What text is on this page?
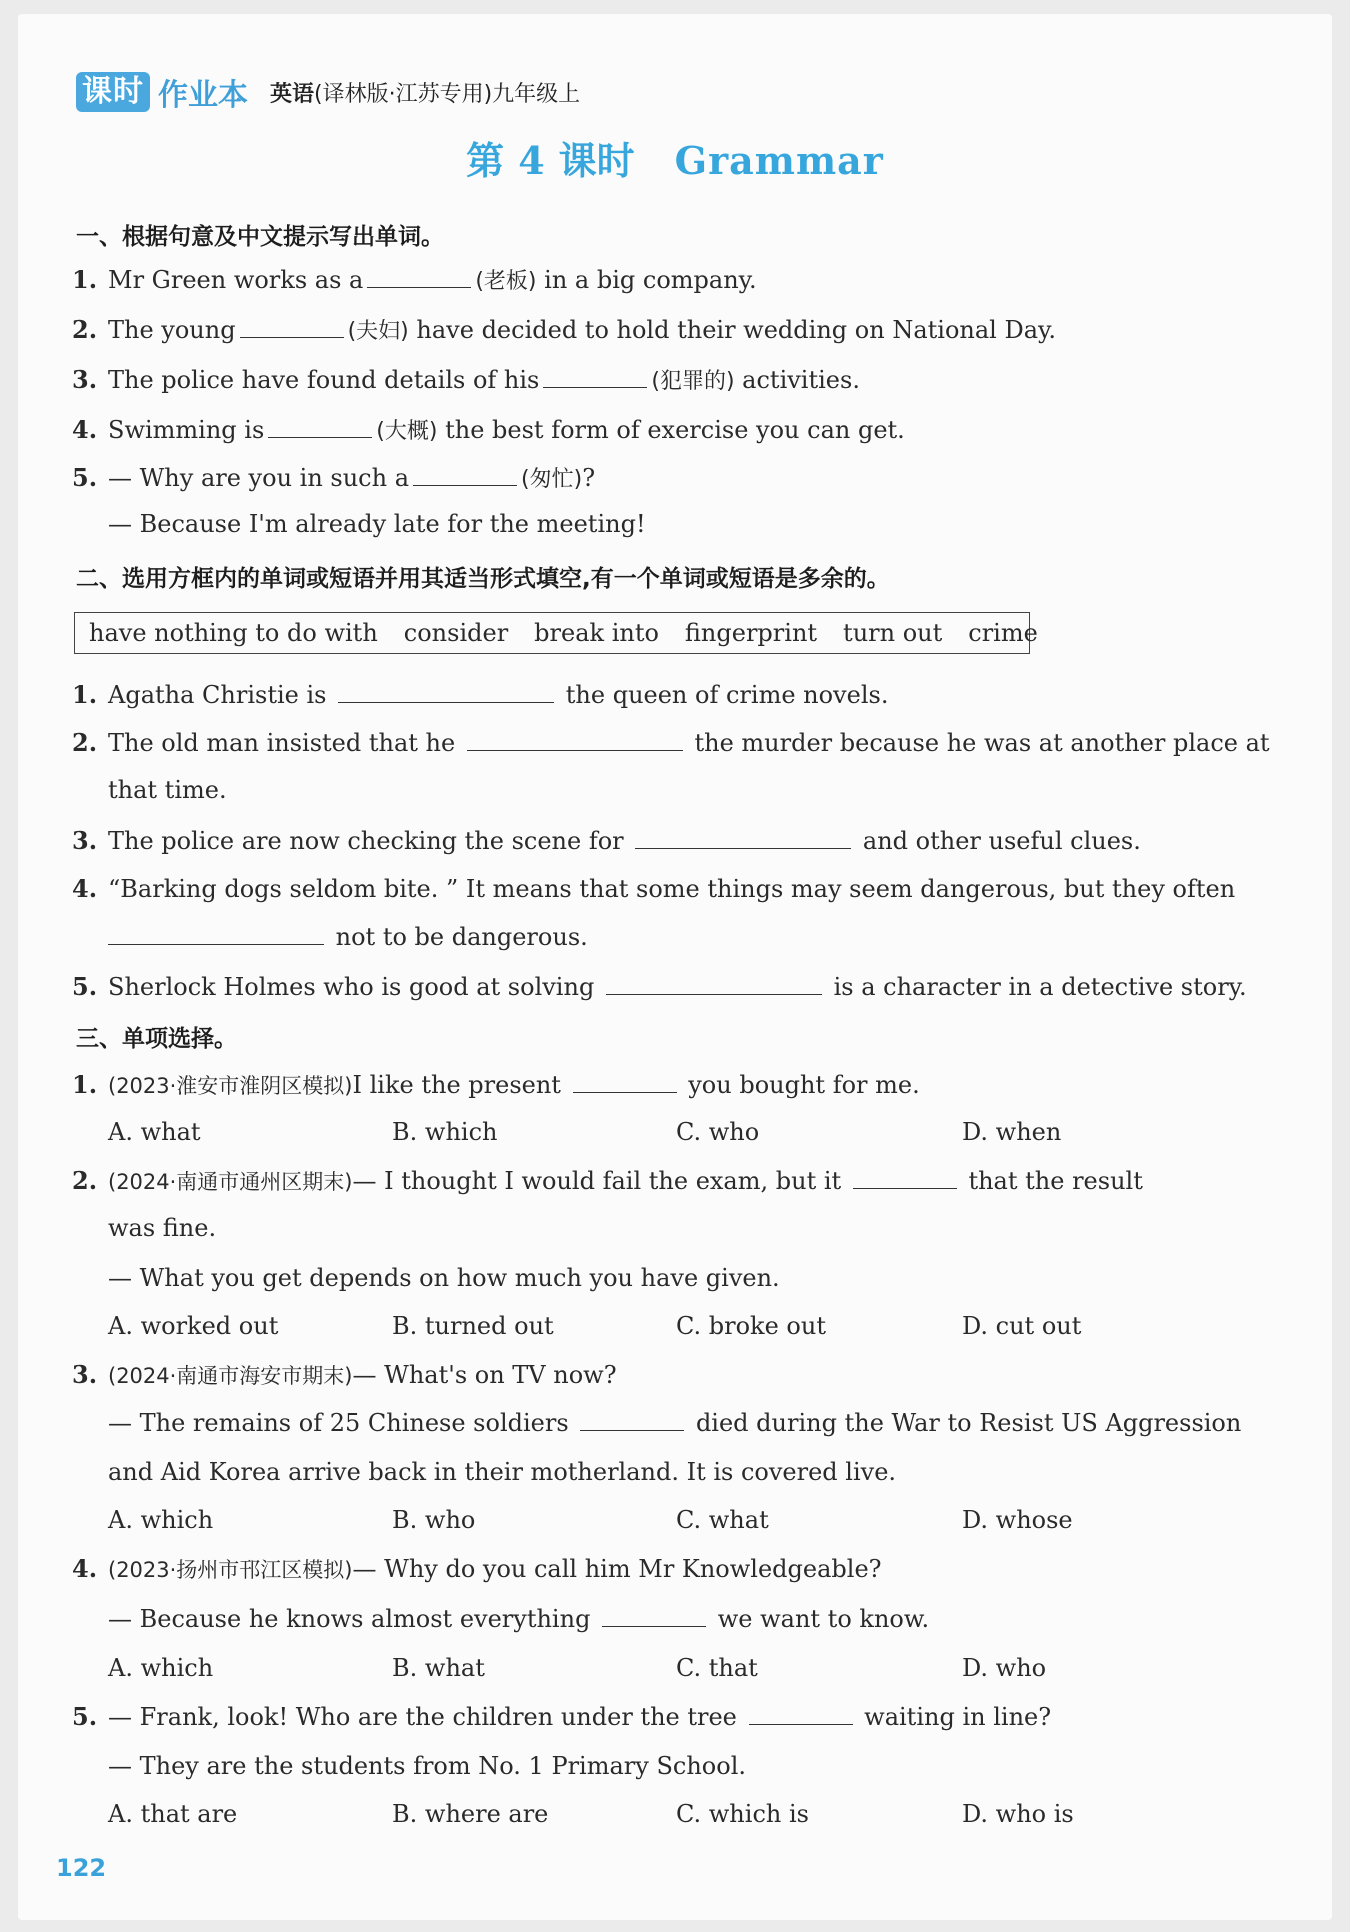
课时 作业本 英语 (译林版·江苏专用)九年级上
第 4 课时 Grammar
一、根据句意及中文提示写出单词。
1. Mr Green works as a	(老板) in a big company.
2. The young	(夫妇) have decided to hold their wedding on National Day.
3. The police have found details of his	(犯罪的) activities.
4. Swimming is	(大概) the best form of exercise you can get.
5. — Why are you in such a	(匆忙)?
— Because I'm already late for the meeting!
二、选用方框内的单词或短语并用其适当形式填空,有一个单词或短语是多余的。
have nothing to do with consider break into fingerprint turn out crime
1. Agatha Christie is	the queen of crime novels.
2. The old man insisted that he	the murder because he was at another place at
that time.
3. The police are now checking the scene for	and other useful clues.
4. “Barking dogs seldom bite. ” It means that some things may seem dangerous, but they often
not to be dangerous.
5. Sherlock Holmes who is good at solving	is a character in a detective story.
三、单项选择。
1. (2023·淮安市淮阴区模拟)I like the present	you bought for me.
A. what	B. which	C. who	D. when
2. (2024·南通市通州区期末)— I thought I would fail the exam, but it	that the result
was fine.
— What you get depends on how much you have given.
A. worked out	B. turned out	C. broke out	D. cut out
3. (2024·南通市海安市期末)— What's on TV now?
— The remains of 25 Chinese soldiers	died during the War to Resist US Aggression
and Aid Korea arrive back in their motherland. It is covered live.
A. which	B. who	C. what	D. whose
4. (2023·扬州市邗江区模拟)— Why do you call him Mr Knowledgeable?
— Because he knows almost everything	we want to know.
A. which	B. what	C. that	D. who
5. — Frank, look! Who are the children under the tree	waiting in line?
— They are the students from No. 1 Primary School.
A. that are	B. where are	C. which is	D. who is
122
